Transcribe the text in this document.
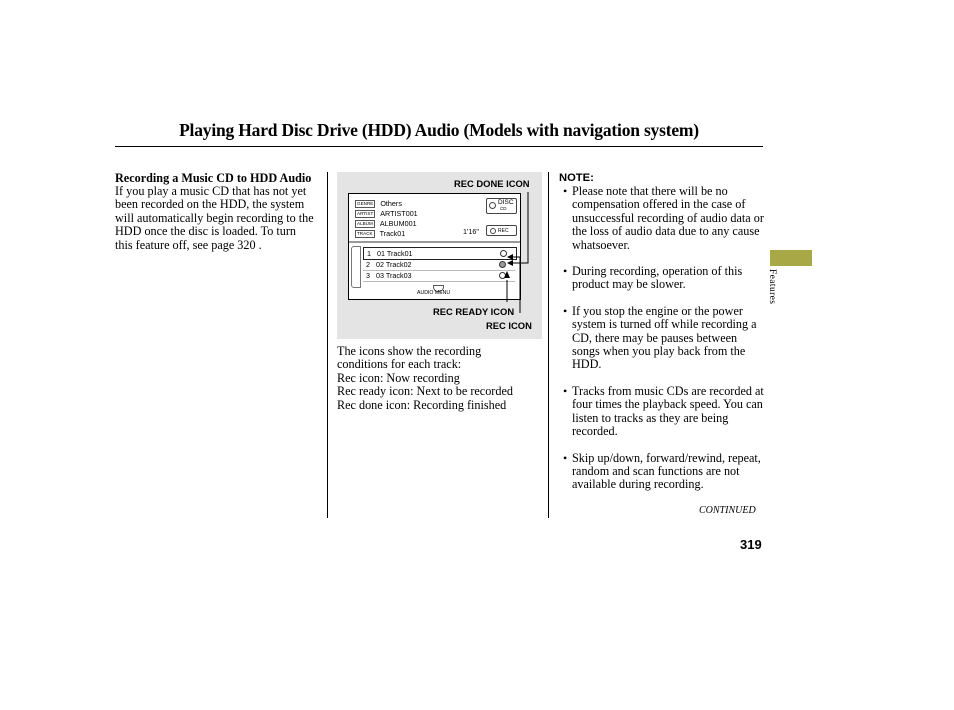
Playing Hard Disc Drive (HDD) Audio (Models with navigation system)
Recording a Music CD to HDD Audio
If you play a music CD that has not yet been recorded on the HDD, the system will automatically begin recording to the HDD once the disc is loaded. To turn this feature off, see page 320 .
REC DONE ICON
REC READY ICON
REC ICON
GENRE Others
ARTIST ARTIST001
ALBUM ALBUM001
TRACK Track01
DISC
CD
1'16"	REC
1 01 Track01
2 02 Track02
3 03 Track03
AUDIO MENU
The icons show the recording
conditions for each track:
Rec icon: Now recording
Rec ready icon: Next to be recorded
Rec done icon: Recording finished
NOTE:
• Please note that there will be no compensation offered in the case of unsuccessful recording of audio data or the loss of audio data due to any cause whatsoever.
• During recording, operation of this product may be slower.
• If you stop the engine or the power system is turned off while recording a CD, there may be pauses between songs when you play back from the HDD.
• Tracks from music CDs are recorded at four times the playback speed. You can listen to tracks as they are being recorded.
• Skip up/down, forward/rewind, repeat, random and scan functions are not available during recording.
Features
CONTINUED
319
